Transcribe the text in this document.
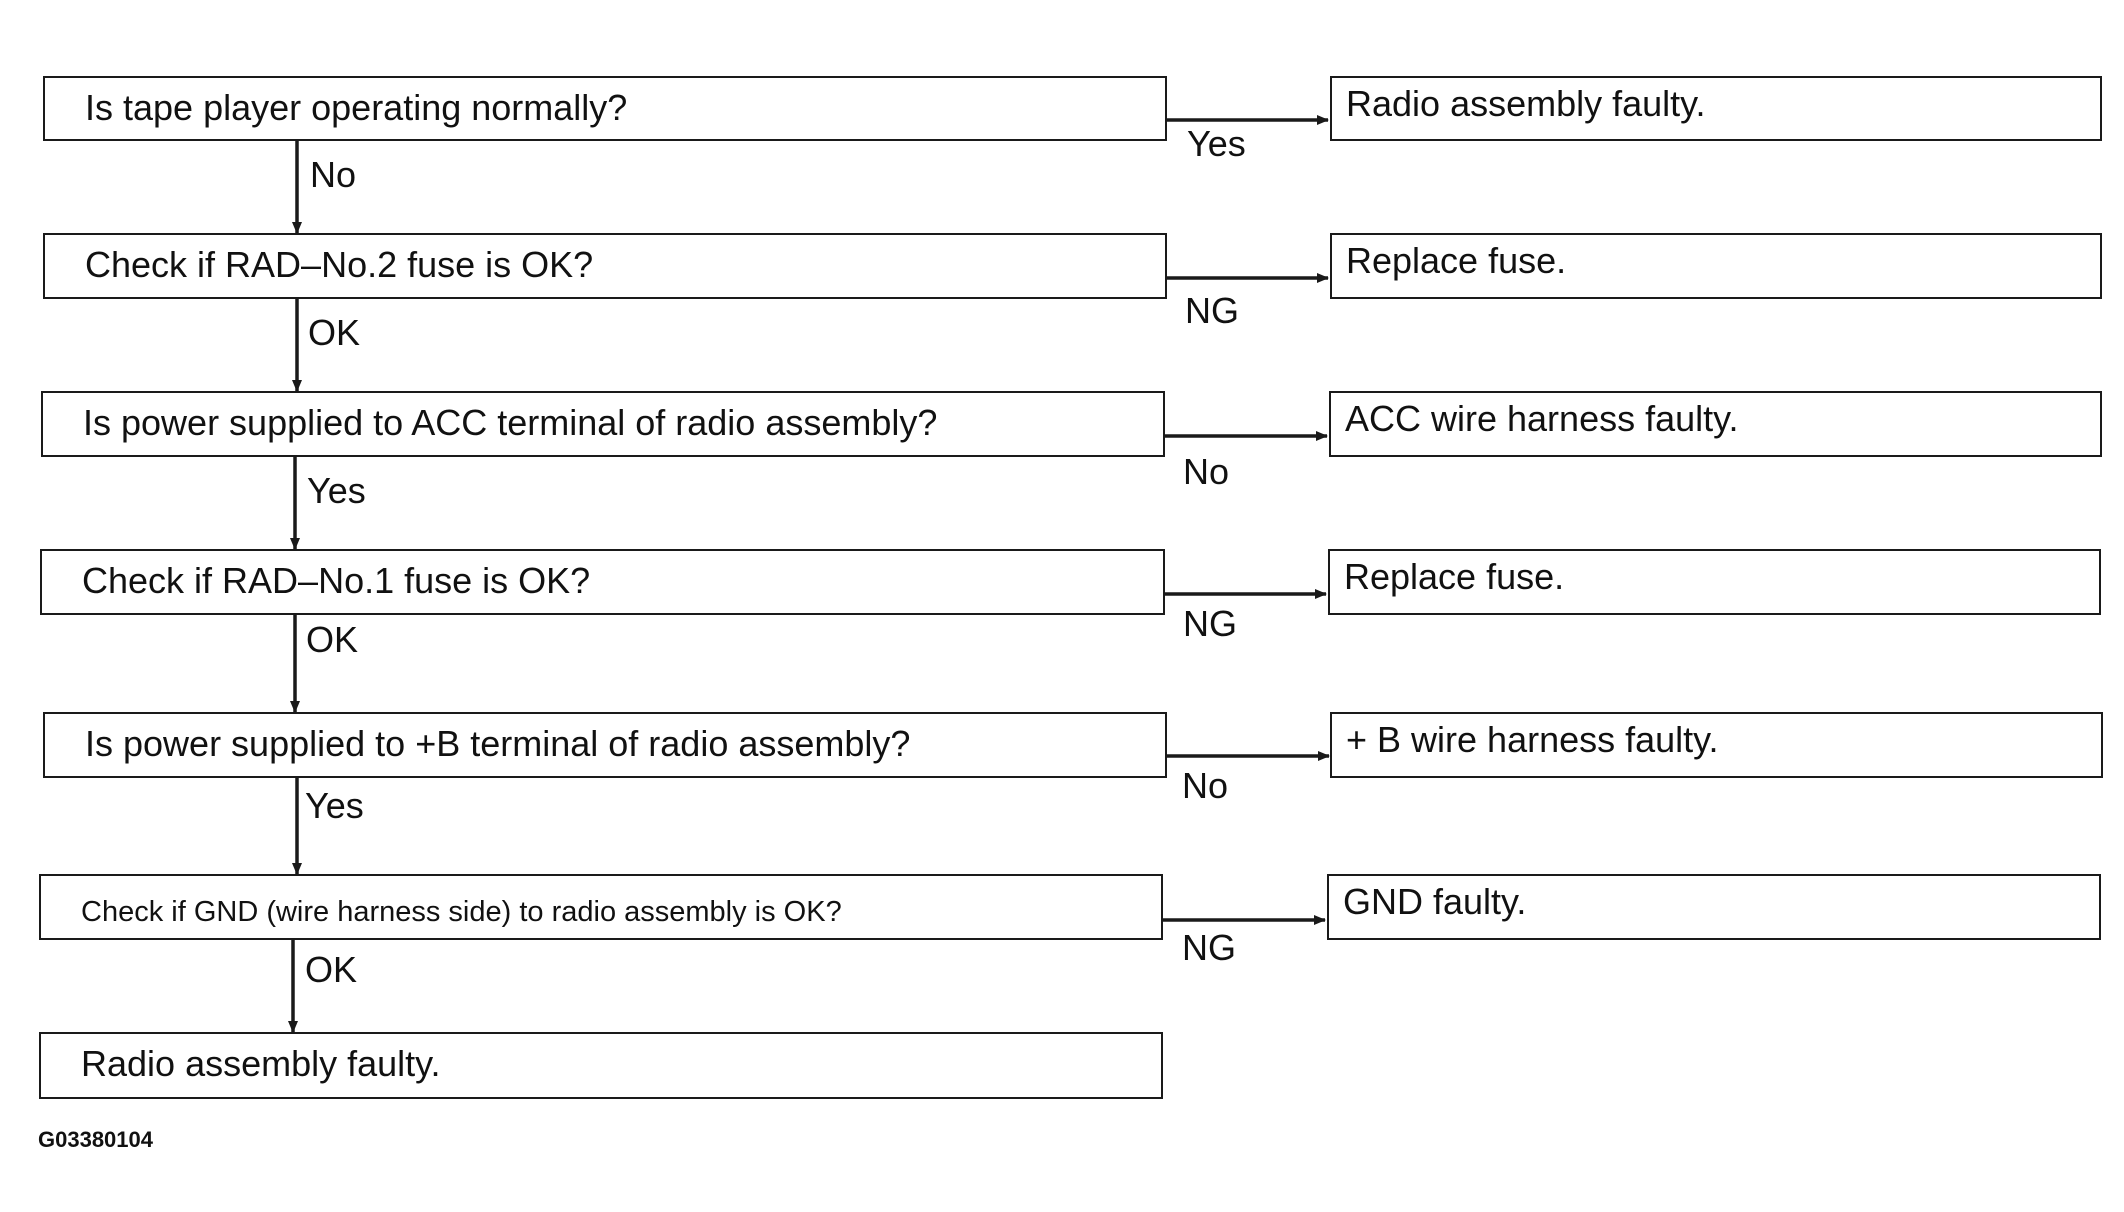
Is tape player operating normally?	Radio assembly faulty.
No
Yes
Check if RAD–No.2 fuse is OK?	Replace fuse.
OK
NG
Is power supplied to ACC terminal of radio assembly?	ACC wire harness faulty.
Yes	No
Check if RAD–No.1 fuse is OK?	Replace fuse.
OK	NG
Is power supplied to +B terminal of radio assembly?	+ B wire harness faulty.
Yes	No
Check if GND (wire harness side) to radio assembly is OK?	GND faulty.
OK
NG
Radio assembly faulty.
G03380104
